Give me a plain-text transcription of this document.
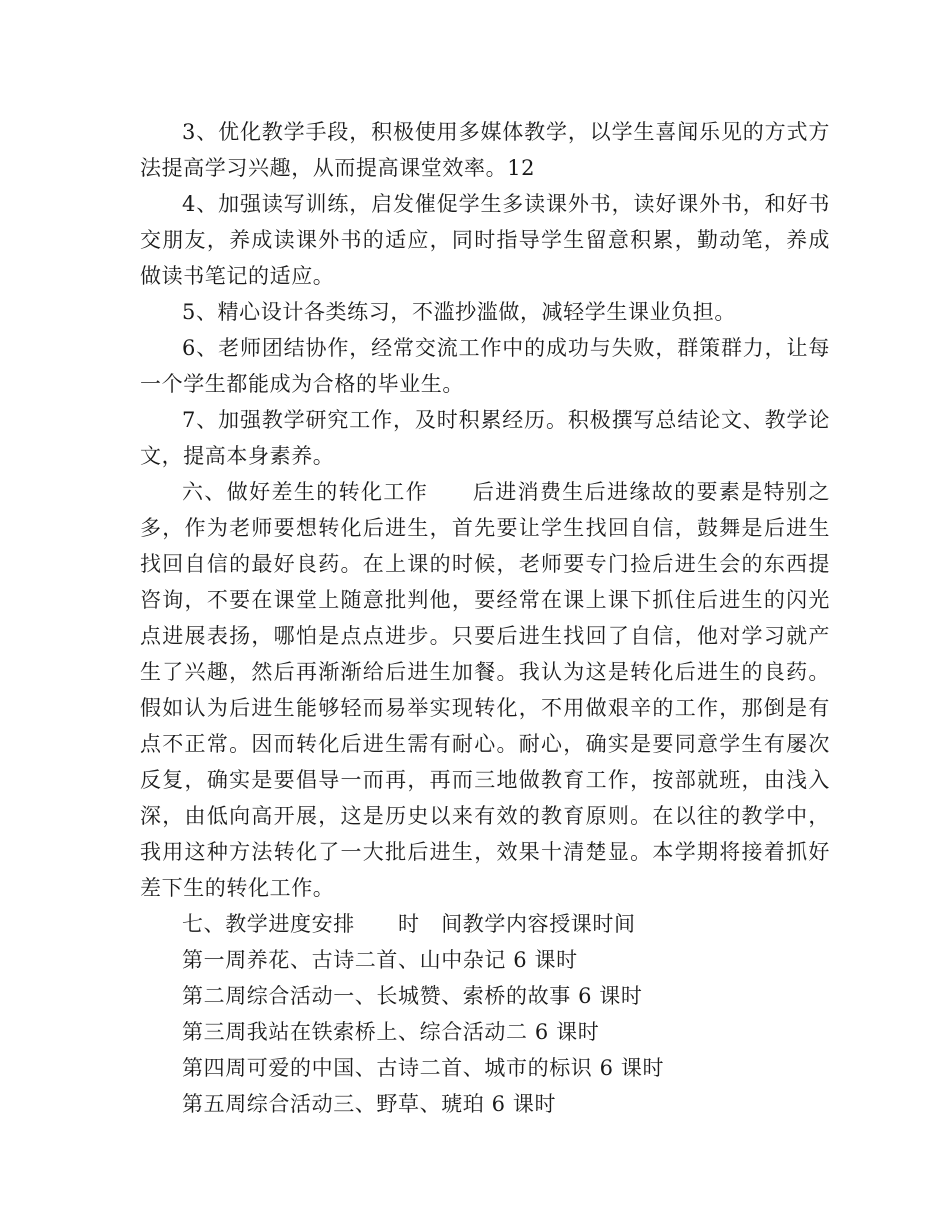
3、优化教学手段，积极使用多媒体教学，以学生喜闻乐见的方式方法提高学习兴趣，从而提高课堂效率。12

4、加强读写训练，启发催促学生多读课外书，读好课外书，和好书交朋友，养成读课外书的适应，同时指导学生留意积累，勤动笔，养成做读书笔记的适应。

5、精心设计各类练习，不滥抄滥做，减轻学生课业负担。

6、老师团结协作，经常交流工作中的成功与失败，群策群力，让每一个学生都能成为合格的毕业生。

7、加强教学研究工作，及时积累经历。积极撰写总结论文、教学论文，提高本身素养。

六、做好差生的转化工作　　后进消费生后进缘故的要素是特别之多，作为老师要想转化后进生，首先要让学生找回自信，鼓舞是后进生找回自信的最好良药。在上课的时候，老师要专门捡后进生会的东西提咨询，不要在课堂上随意批判他，要经常在课上课下抓住后进生的闪光点进展表扬，哪怕是点点进步。只要后进生找回了自信，他对学习就产生了兴趣，然后再渐渐给后进生加餐。我认为这是转化后进生的良药。假如认为后进生能够轻而易举实现转化，不用做艰辛的工作，那倒是有点不正常。因而转化后进生需有耐心。耐心，确实是要同意学生有屡次反复，确实是要倡导一而再，再而三地做教育工作，按部就班，由浅入深，由低向高开展，这是历史以来有效的教育原则。在以往的教学中，我用这种方法转化了一大批后进生，效果十清楚显。本学期将接着抓好差下生的转化工作。

七、教学进度安排　　时　间教学内容授课时间

第一周养花、古诗二首、山中杂记 6 课时

第二周综合活动一、长城赞、索桥的故事 6 课时

第三周我站在铁索桥上、综合活动二 6 课时

第四周可爱的中国、古诗二首、城市的标识 6 课时

第五周综合活动三、野草、琥珀 6 课时
